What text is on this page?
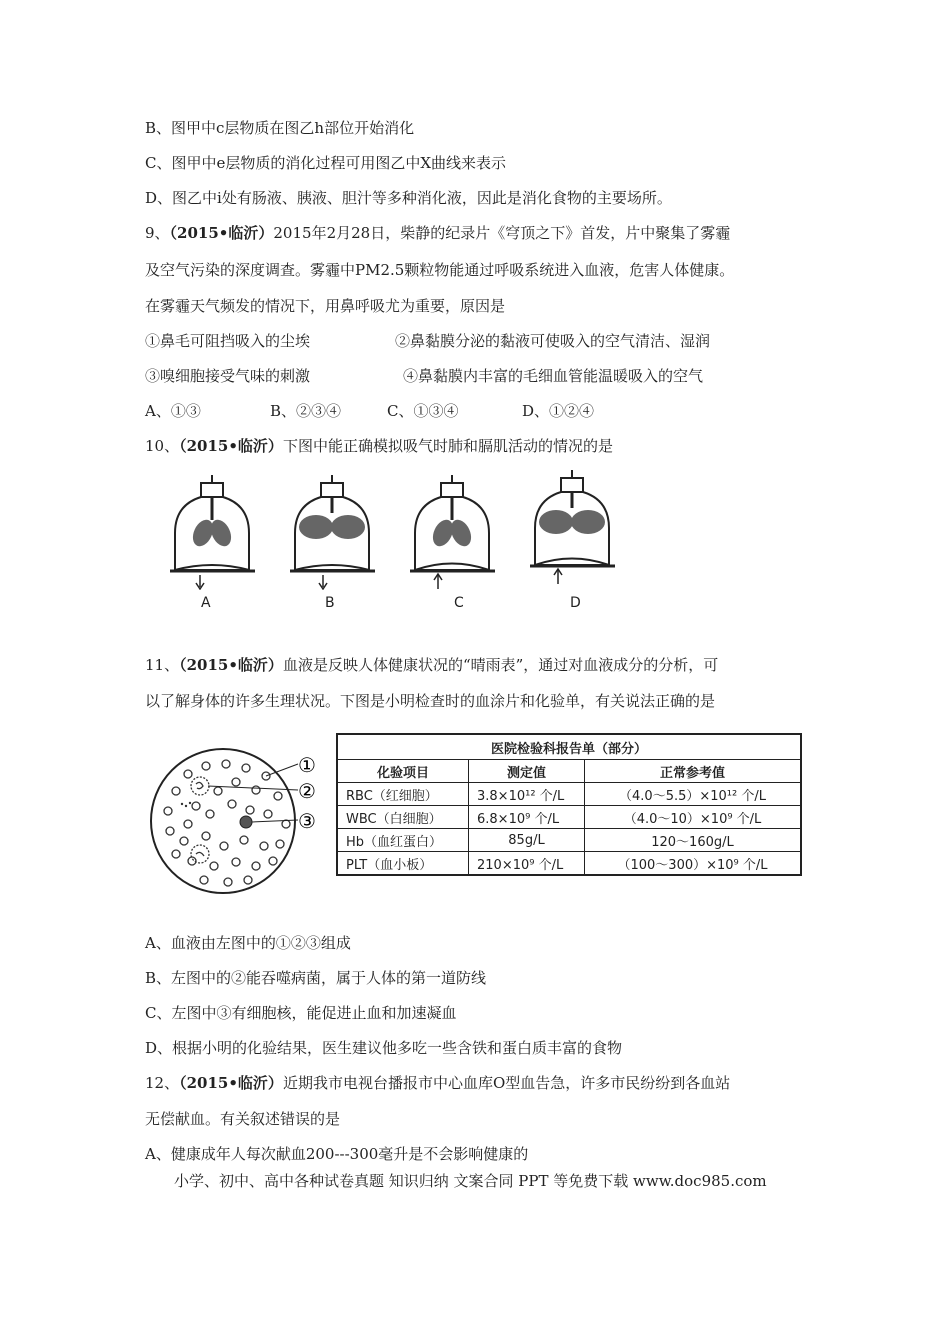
B、图甲中c层物质在图乙h部位开始消化
C、图甲中e层物质的消化过程可用图乙中X曲线来表示
D、图乙中i处有肠液、胰液、胆汁等多种消化液，因此是消化食物的主要场所。
9、（2015•临沂）2015年2月28日，柴静的纪录片《穹顶之下》首发，片中聚集了雾霾
及空气污染的深度调查。雾霾中PM2.5颗粒物能通过呼吸系统进入血液，危害人体健康。
在雾霾天气频发的情况下，用鼻呼吸尤为重要，原因是
①鼻毛可阻挡吸入的尘埃	②鼻黏膜分泌的黏液可使吸入的空气清洁、湿润
③嗅细胞接受气味的刺激	④鼻黏膜内丰富的毛细血管能温暖吸入的空气
A、①③	B、②③④	C、①③④	D、①②④
10、（2015•临沂）下图中能正确模拟吸气时肺和膈肌活动的情况的是
A	B	C	D
11、（2015•临沂）血液是反映人体健康状况的“晴雨表”，通过对血液成分的分析，可
以了解身体的许多生理状况。下图是小明检查时的血涂片和化验单，有关说法正确的是
①
②
③
医院检验科报告单（部分）		
化验项目	测定值	正常参考值
RBC（红细胞）	3.8×10¹² 个/L	（4.0～5.5）×10¹² 个/L
WBC（白细胞）	6.8×10⁹ 个/L	（4.0～10）×10⁹ 个/L
Hb（血红蛋白）	85g/L	120～160g/L
PLT（血小板）	210×10⁹ 个/L	（100～300）×10⁹ 个/L
A、血液由左图中的①②③组成
B、左图中的②能吞噬病菌，属于人体的第一道防线
C、左图中③有细胞核，能促进止血和加速凝血
D、根据小明的化验结果，医生建议他多吃一些含铁和蛋白质丰富的食物
12、（2015•临沂）近期我市电视台播报市中心血库O型血告急，许多市民纷纷到各血站
无偿献血。有关叙述错误的是
A、健康成年人每次献血200---300毫升是不会影响健康的
小学、初中、高中各种试卷真题 知识归纳 文案合同 PPT 等免费下载 www.doc985.com
